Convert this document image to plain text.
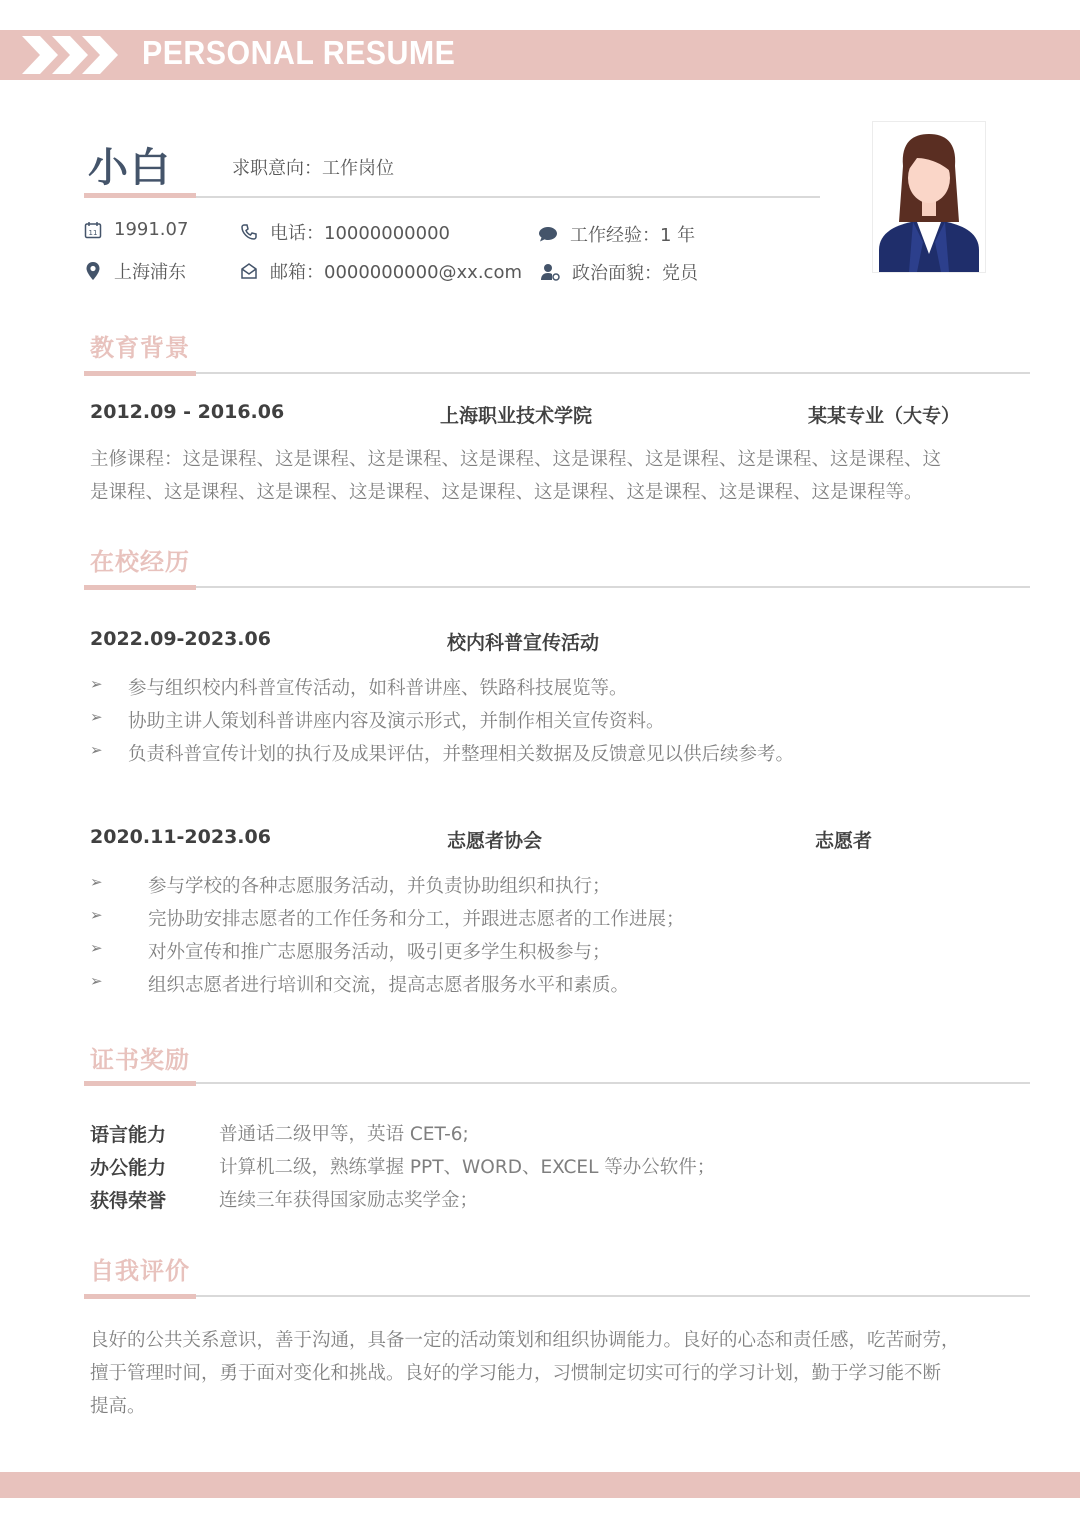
PERSONAL RESUME
小白	求职意向：工作岗位
11 1991.07	电话：10000000000	工作经验：1 年
上海浦东	邮箱：0000000000@xx.com	政治面貌：党员
教育背景
2012.09 - 2016.06	上海职业技术学院	某某专业（大专）
主修课程：这是课程、这是课程、这是课程、这是课程、这是课程、这是课程、这是课程、这是课程、这
是课程、这是课程、这是课程、这是课程、这是课程、这是课程、这是课程、这是课程、这是课程等。
在校经历
2022.09-2023.06	校内科普宣传活动
➢ 参与组织校内科普宣传活动，如科普讲座、铁路科技展览等。
➢ 协助主讲人策划科普讲座内容及演示形式，并制作相关宣传资料。
➢ 负责科普宣传计划的执行及成果评估，并整理相关数据及反馈意见以供后续参考。
2020.11-2023.06	志愿者协会	志愿者
➢ 参与学校的各种志愿服务活动，并负责协助组织和执行；
➢ 完协助安排志愿者的工作任务和分工，并跟进志愿者的工作进展；
➢ 对外宣传和推广志愿服务活动，吸引更多学生积极参与；
➢ 组织志愿者进行培训和交流，提高志愿者服务水平和素质。
证书奖励
语言能力	普通话二级甲等，英语 CET-6;
办公能力	计算机二级，熟练掌握 PPT、WORD、EXCEL 等办公软件；
获得荣誉	连续三年获得国家励志奖学金；
自我评价
良好的公共关系意识，善于沟通，具备一定的活动策划和组织协调能力。良好的心态和责任感，吃苦耐劳，
擅于管理时间，勇于面对变化和挑战。良好的学习能力，习惯制定切实可行的学习计划，勤于学习能不断
提高。
